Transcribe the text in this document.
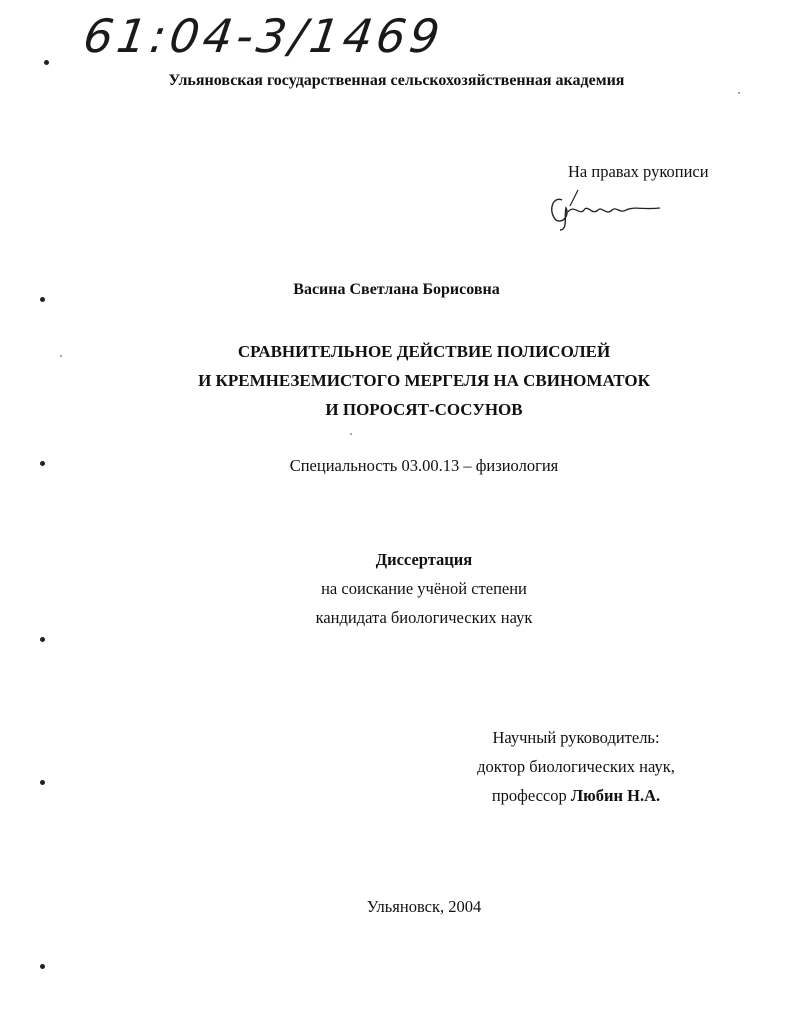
61:04-3/1469
Ульяновская государственная сельскохозяйственная академия
На правах рукописи
Васина Светлана Борисовна
СРАВНИТЕЛЬНОЕ ДЕЙСТВИЕ ПОЛИСОЛЕЙ
И КРЕМНЕЗЕМИСТОГО МЕРГЕЛЯ НА СВИНОМАТОК
И ПОРОСЯТ-СОСУНОВ
Специальность 03.00.13 – физиология
Диссертация
на соискание учёной степени
кандидата биологических наук
Научный руководитель:
доктор биологических наук,
профессор Любин Н.А.
Ульяновск, 2004
